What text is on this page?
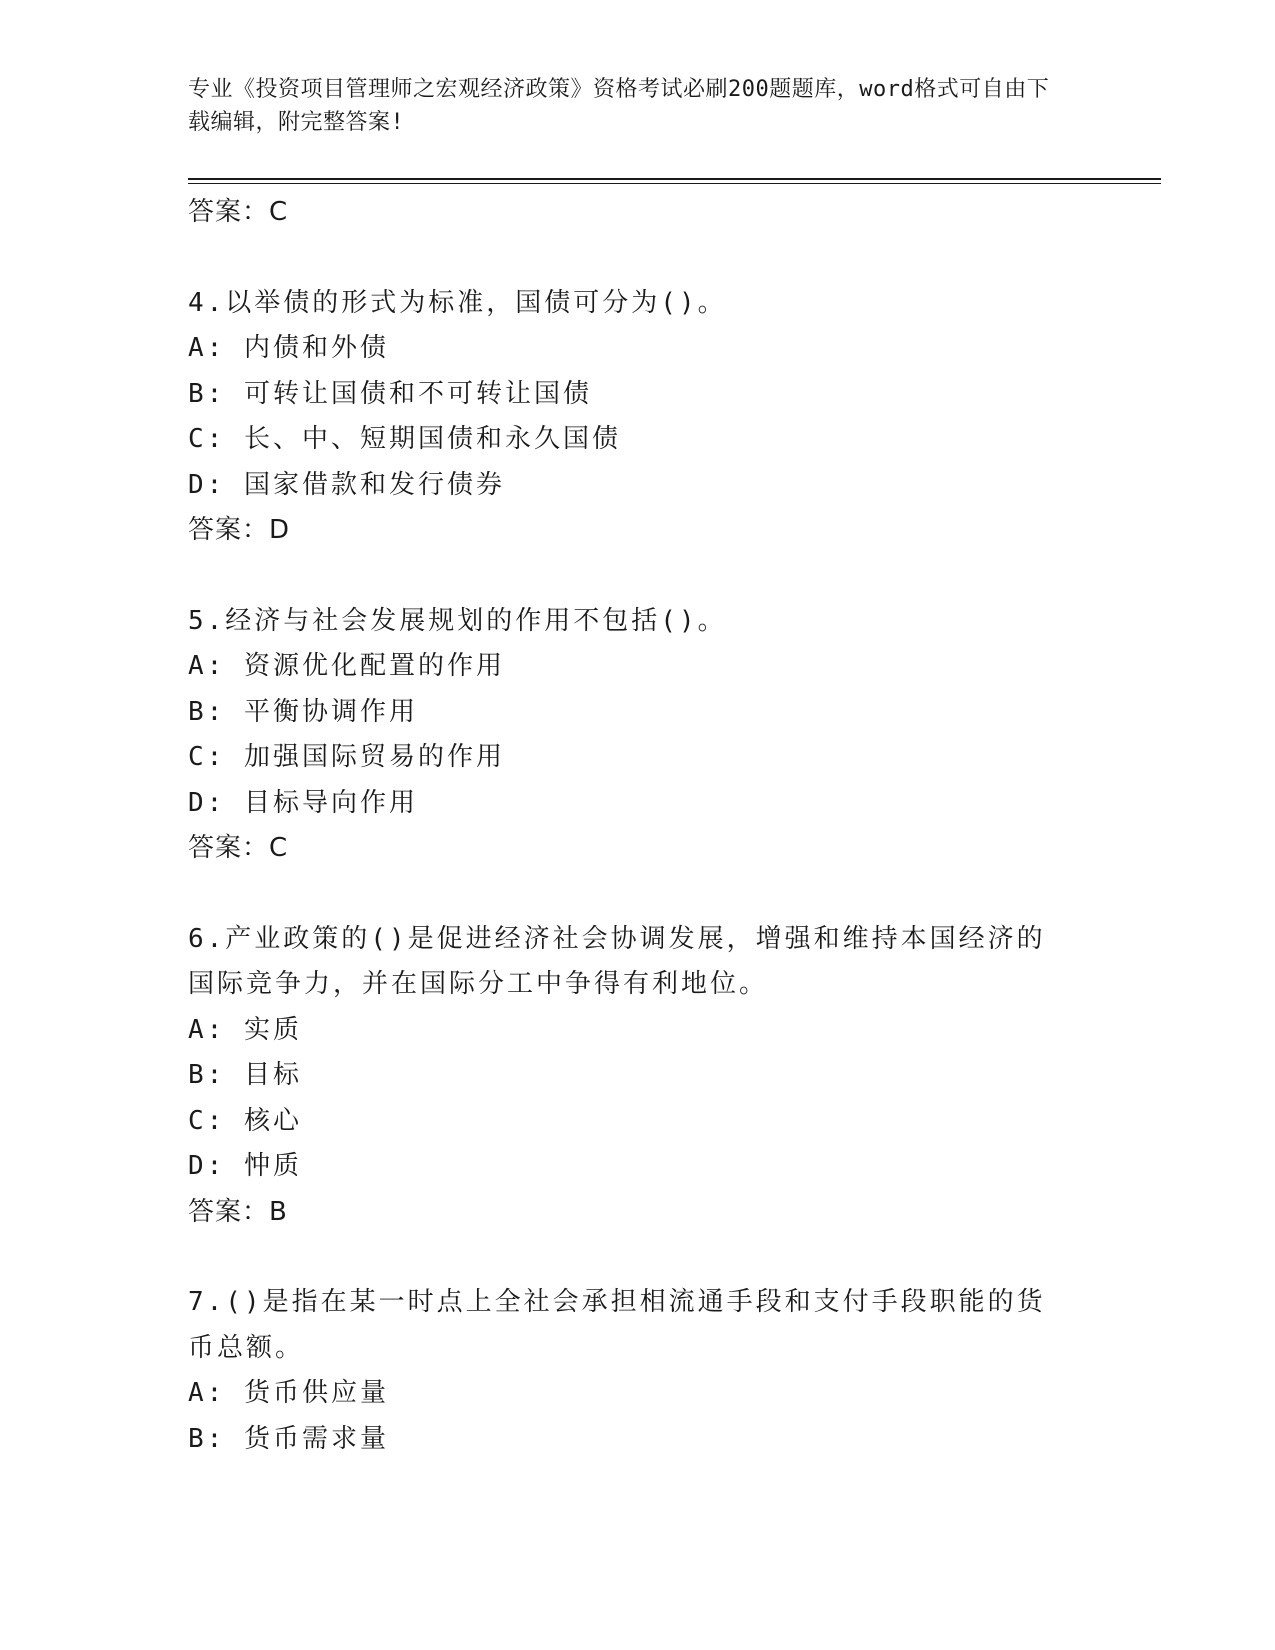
专业《投资项目管理师之宏观经济政策》资格考试必刷200题题库，word格式可自由下载编辑，附完整答案!
答案：C
4.以举债的形式为标准，国债可分为()。
A: 内债和外债
B: 可转让国债和不可转让国债
C: 长、中、短期国债和永久国债
D: 国家借款和发行债券
答案：D
5.经济与社会发展规划的作用不包括()。
A: 资源优化配置的作用
B: 平衡协调作用
C: 加强国际贸易的作用
D: 目标导向作用
答案：C
6.产业政策的()是促进经济社会协调发展，增强和维持本国经济的国际竞争力，并在国际分工中争得有利地位。
A: 实质
B: 目标
C: 核心
D: 忡质
答案：B
7.()是指在某一时点上全社会承担相流通手段和支付手段职能的货币总额。
A: 货币供应量
B: 货币需求量
